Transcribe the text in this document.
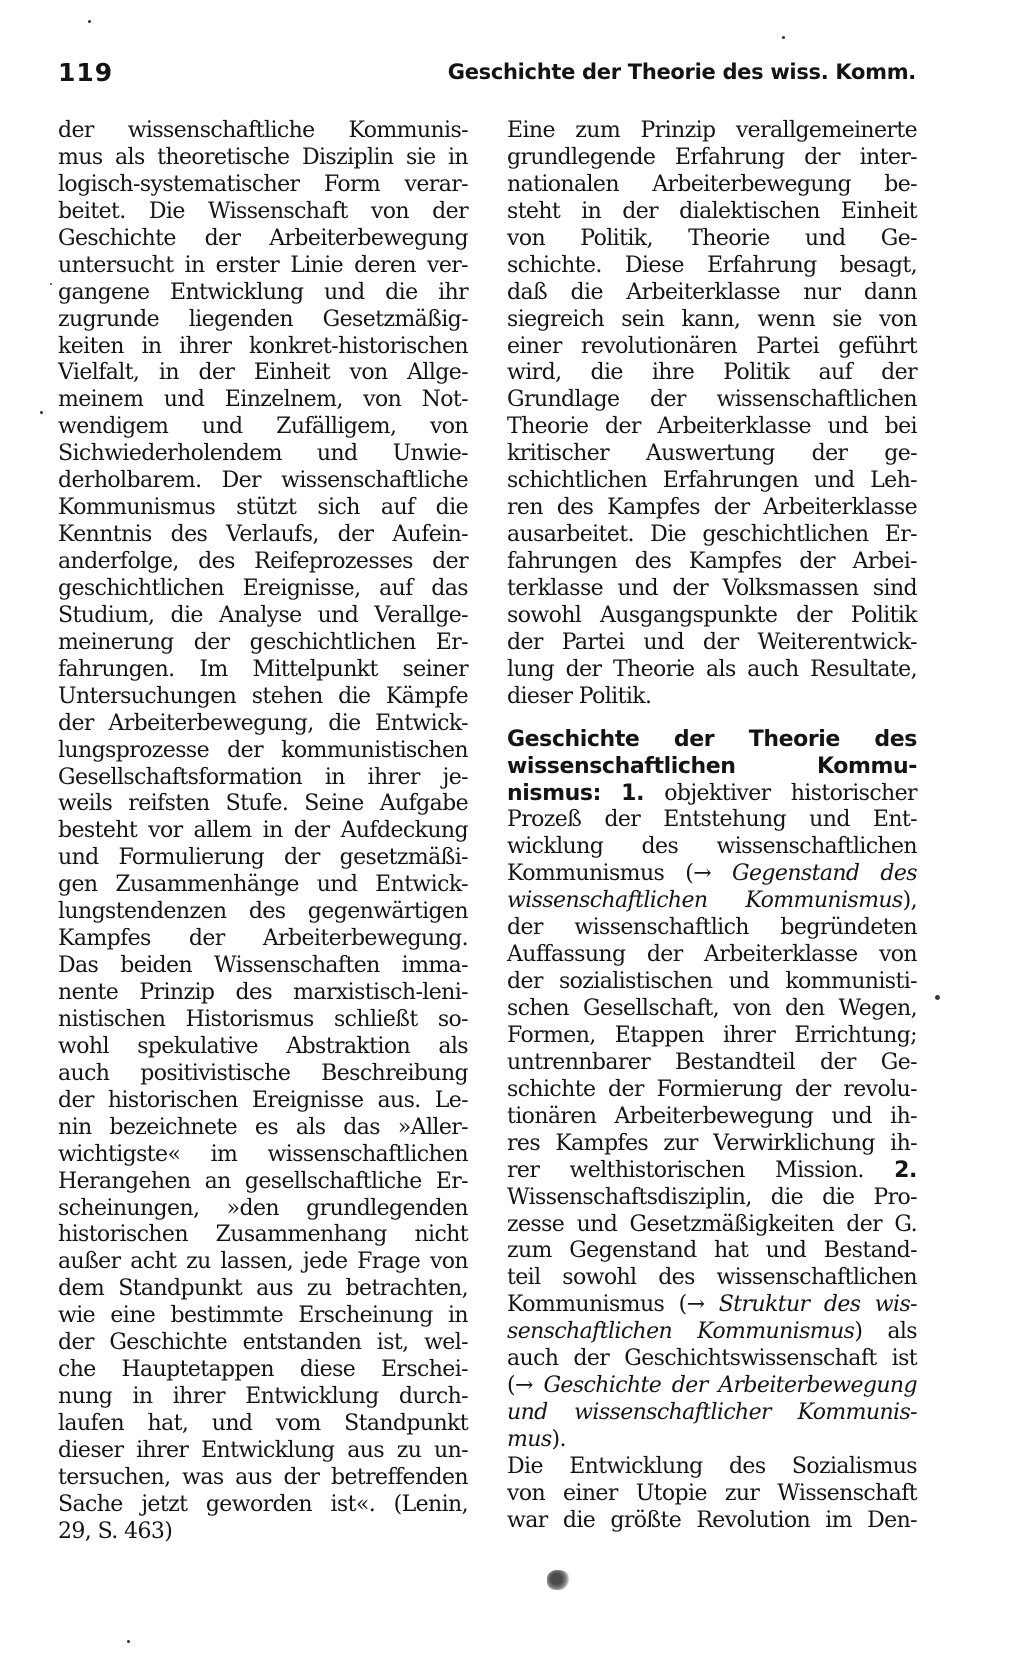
119	Geschichte der Theorie des wiss. Komm.
der wissenschaftliche Kommunis-
mus als theoretische Disziplin sie in
logisch-systematischer Form verar-
beitet. Die Wissenschaft von der
Geschichte der Arbeiterbewegung
untersucht in erster Linie deren ver-
gangene Entwicklung und die ihr
zugrunde liegenden Gesetzmäßig-
keiten in ihrer konkret-historischen
Vielfalt, in der Einheit von Allge-
meinem und Einzelnem, von Not-
wendigem und Zufälligem, von
Sichwiederholendem und Unwie-
derholbarem. Der wissenschaftliche
Kommunismus stützt sich auf die
Kenntnis des Verlaufs, der Aufein-
anderfolge, des Reifeprozesses der
geschichtlichen Ereignisse, auf das
Studium, die Analyse und Verallge-
meinerung der geschichtlichen Er-
fahrungen. Im Mittelpunkt seiner
Untersuchungen stehen die Kämpfe
der Arbeiterbewegung, die Entwick-
lungsprozesse der kommunistischen
Gesellschaftsformation in ihrer je-
weils reifsten Stufe. Seine Aufgabe
besteht vor allem in der Aufdeckung
und Formulierung der gesetzmäßi-
gen Zusammenhänge und Entwick-
lungstendenzen des gegenwärtigen
Kampfes der Arbeiterbewegung.
Das beiden Wissenschaften imma-
nente Prinzip des marxistisch-leni-
nistischen Historismus schließt so-
wohl spekulative Abstraktion als
auch positivistische Beschreibung
der historischen Ereignisse aus. Le-
nin bezeichnete es als das »Aller-
wichtigste« im wissenschaftlichen
Herangehen an gesellschaftliche Er-
scheinungen, »den grundlegenden
historischen Zusammenhang nicht
außer acht zu lassen, jede Frage von
dem Standpunkt aus zu betrachten,
wie eine bestimmte Erscheinung in
der Geschichte entstanden ist, wel-
che Hauptetappen diese Erschei-
nung in ihrer Entwicklung durch-
laufen hat, und vom Standpunkt
dieser ihrer Entwicklung aus zu un-
tersuchen, was aus der betreffenden
Sache jetzt geworden ist«. (Lenin,
29, S. 463)
Eine zum Prinzip verallgemeinerte
grundlegende Erfahrung der inter-
nationalen Arbeiterbewegung be-
steht in der dialektischen Einheit
von Politik, Theorie und Ge-
schichte. Diese Erfahrung besagt,
daß die Arbeiterklasse nur dann
siegreich sein kann, wenn sie von
einer revolutionären Partei geführt
wird, die ihre Politik auf der
Grundlage der wissenschaftlichen
Theorie der Arbeiterklasse und bei
kritischer Auswertung der ge-
schichtlichen Erfahrungen und Leh-
ren des Kampfes der Arbeiterklasse
ausarbeitet. Die geschichtlichen Er-
fahrungen des Kampfes der Arbei-
terklasse und der Volksmassen sind
sowohl Ausgangspunkte der Politik
der Partei und der Weiterentwick-
lung der Theorie als auch Resultate,
dieser Politik.
Geschichte der Theorie des
wissenschaftlichen Kommu-
nismus: 1. objektiver historischer
Prozeß der Entstehung und Ent-
wicklung des wissenschaftlichen
Kommunismus (→ Gegenstand des
wissenschaftlichen Kommunismus),
der wissenschaftlich begründeten
Auffassung der Arbeiterklasse von
der sozialistischen und kommunisti-
schen Gesellschaft, von den Wegen,
Formen, Etappen ihrer Errichtung;
untrennbarer Bestandteil der Ge-
schichte der Formierung der revolu-
tionären Arbeiterbewegung und ih-
res Kampfes zur Verwirklichung ih-
rer welthistorischen Mission. 2.
Wissenschaftsdisziplin, die die Pro-
zesse und Gesetzmäßigkeiten der G.
zum Gegenstand hat und Bestand-
teil sowohl des wissenschaftlichen
Kommunismus (→ Struktur des wis-
senschaftlichen Kommunismus) als
auch der Geschichtswissenschaft ist
(→ Geschichte der Arbeiterbewegung
und wissenschaftlicher Kommunis-
mus).
Die Entwicklung des Sozialismus
von einer Utopie zur Wissenschaft
war die größte Revolution im Den-
